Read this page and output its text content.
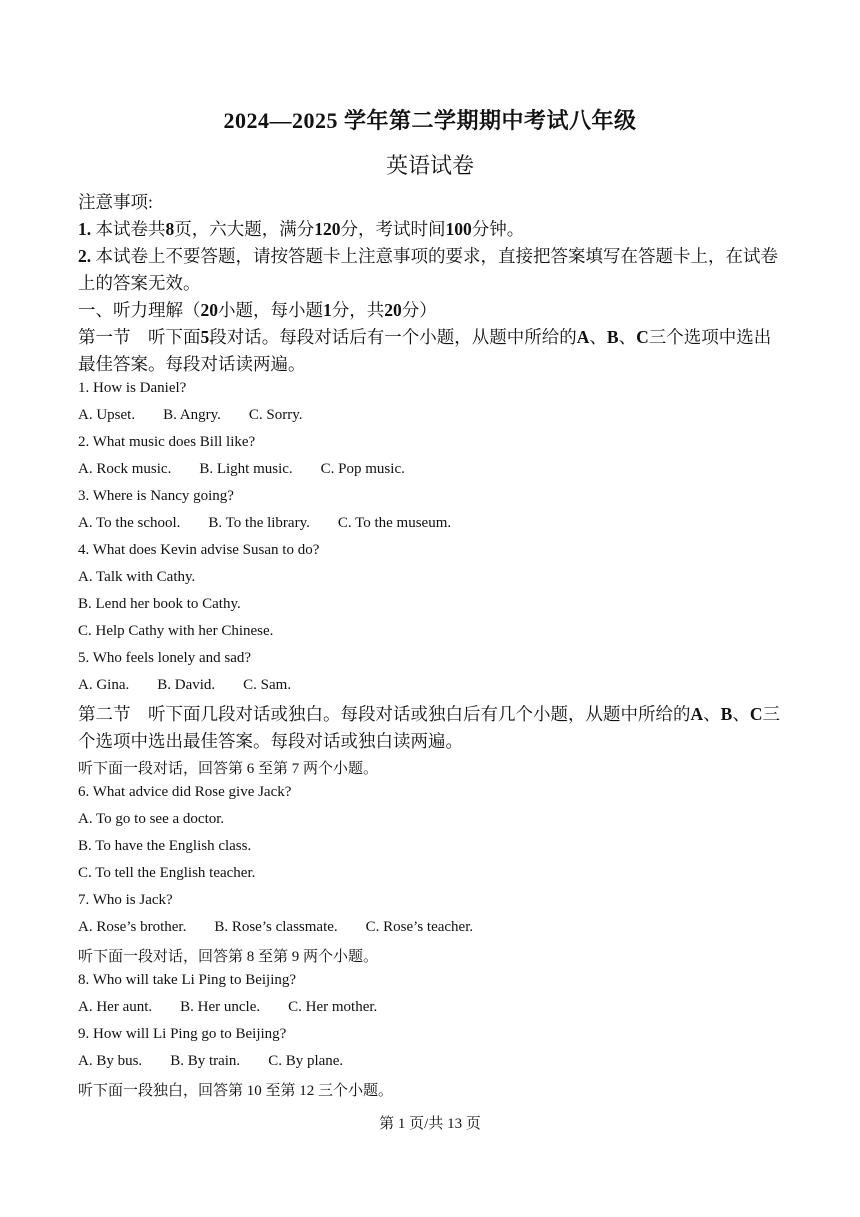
2024—2025 学年第二学期期中考试八年级
英语试卷
注意事项:
1. 本试卷共8页，六大题，满分120分，考试时间100分钟。
2. 本试卷上不要答题，请按答题卡上注意事项的要求，直接把答案填写在答题卡上，在试卷
上的答案无效。
一、听力理解（20小题，每小题1分，共20分）
第一节　听下面5段对话。每段对话后有一个小题，从题中所给的A、B、C三个选项中选出
最佳答案。每段对话读两遍。
1. How is Daniel?
A. Upset. B. Angry. C. Sorry.
2. What music does Bill like?
A. Rock music. B. Light music. C. Pop music.
3. Where is Nancy going?
A. To the school. B. To the library. C. To the museum.
4. What does Kevin advise Susan to do?
A. Talk with Cathy.
B. Lend her book to Cathy.
C. Help Cathy with her Chinese.
5. Who feels lonely and sad?
A. Gina. B. David. C. Sam.
第二节　听下面几段对话或独白。每段对话或独白后有几个小题，从题中所给的A、B、C三
个选项中选出最佳答案。每段对话或独白读两遍。
听下面一段对话，回答第 6 至第 7 两个小题。
6. What advice did Rose give Jack?
A. To go to see a doctor.
B. To have the English class.
C. To tell the English teacher.
7. Who is Jack?
A. Rose’s brother. B. Rose’s classmate. C. Rose’s teacher.
听下面一段对话，回答第 8 至第 9 两个小题。
8. Who will take Li Ping to Beijing?
A. Her aunt. B. Her uncle. C. Her mother.
9. How will Li Ping go to Beijing?
A. By bus. B. By train. C. By plane.
听下面一段独白，回答第 10 至第 12 三个小题。
第 1 页/共 13 页
